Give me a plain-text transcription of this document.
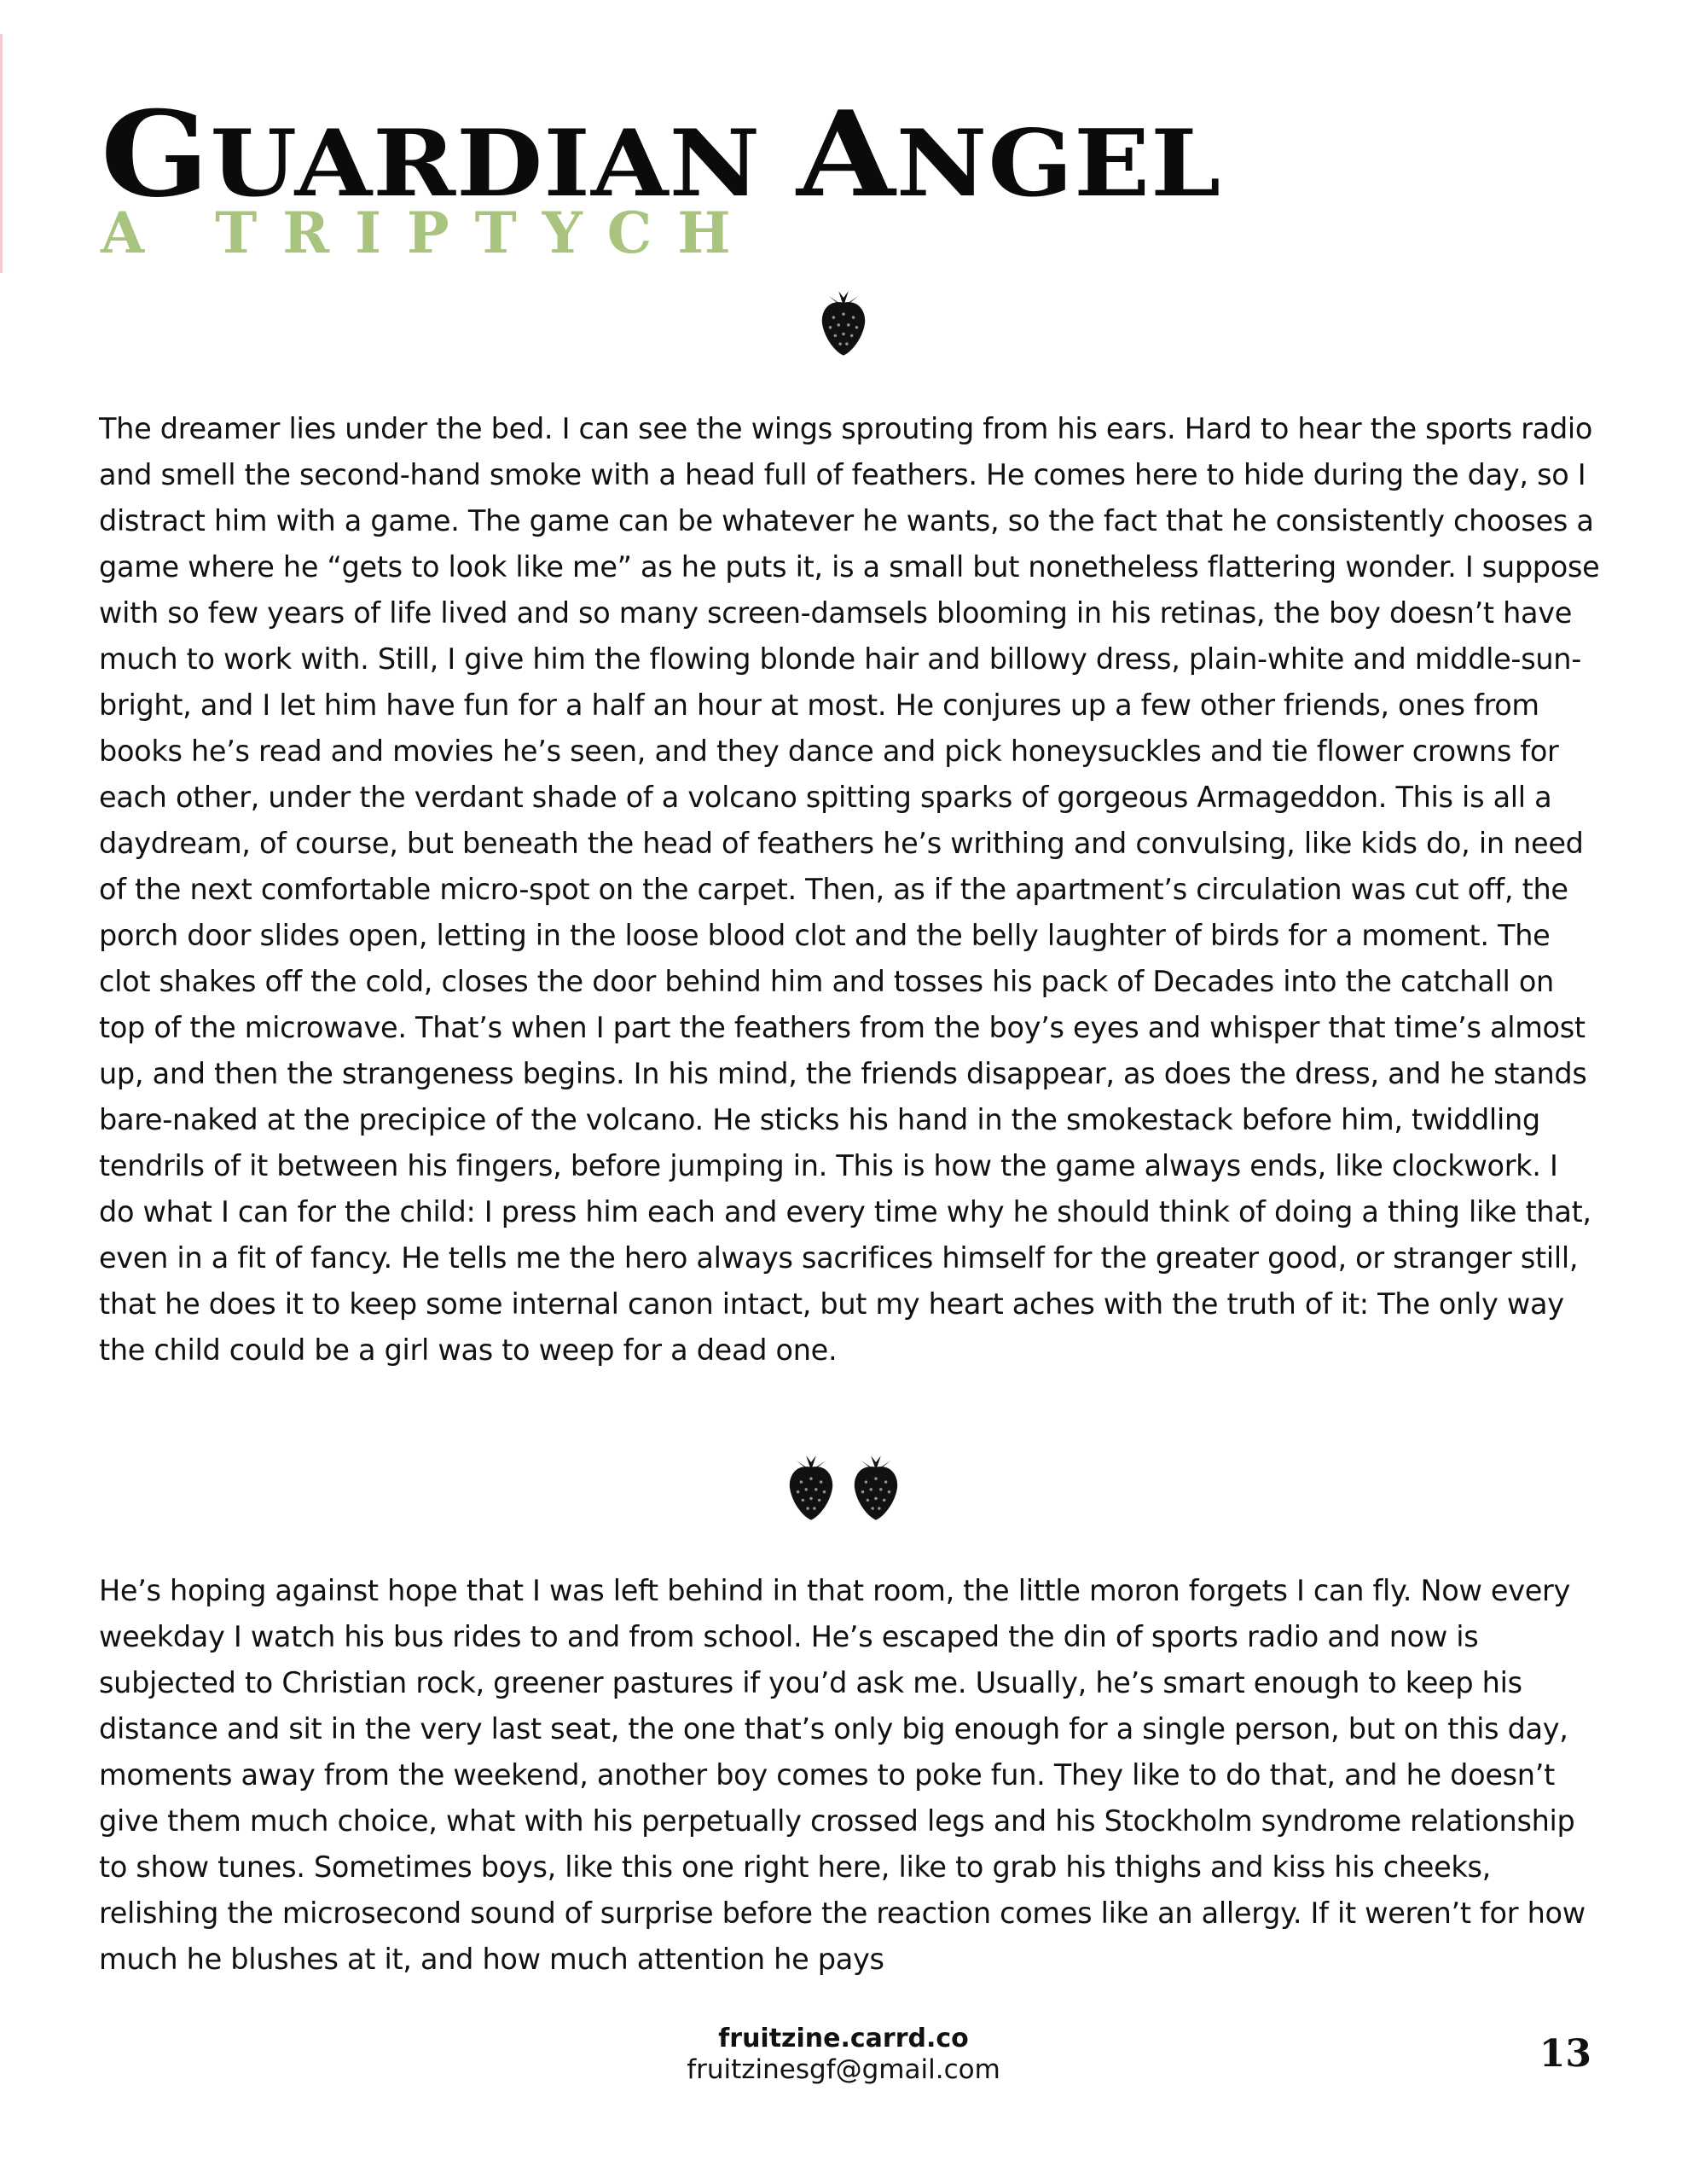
GUARDIAN ANGEL
A TRIPTYCH

The dreamer lies under the bed. I can see the wings sprouting from his ears. Hard to hear the sports radio and smell the second-hand smoke with a head full of feathers. He comes here to hide during the day, so I distract him with a game. The game can be whatever he wants, so the fact that he consistently chooses a game where he “gets to look like me” as he puts it, is a small but nonetheless flattering wonder. I suppose with so few years of life lived and so many screen-damsels blooming in his retinas, the boy doesn’t have much to work with. Still, I give him the flowing blonde hair and billowy dress, plain-white and middle-sun-bright, and I let him have fun for a half an hour at most. He conjures up a few other friends, ones from books he’s read and movies he’s seen, and they dance and pick honeysuckles and tie flower crowns for each other, under the verdant shade of a volcano spitting sparks of gorgeous Armageddon. This is all a daydream, of course, but beneath the head of feathers he’s writhing and convulsing, like kids do, in need of the next comfortable micro-spot on the carpet. Then, as if the apartment’s circulation was cut off, the porch door slides open, letting in the loose blood clot and the belly laughter of birds for a moment. The clot shakes off the cold, closes the door behind him and tosses his pack of Decades into the catchall on top of the microwave. That’s when I part the feathers from the boy’s eyes and whisper that time’s almost up, and then the strangeness begins. In his mind, the friends disappear, as does the dress, and he stands bare-naked at the precipice of the volcano. He sticks his hand in the smokestack before him, twiddling tendrils of it between his fingers, before jumping in. This is how the game always ends, like clockwork. I do what I can for the child: I press him each and every time why he should think of doing a thing like that, even in a fit of fancy. He tells me the hero always sacrifices himself for the greater good, or stranger still, that he does it to keep some internal canon intact, but my heart aches with the truth of it: The only way the child could be a girl was to weep for a dead one.

He’s hoping against hope that I was left behind in that room, the little moron forgets I can fly. Now every weekday I watch his bus rides to and from school. He’s escaped the din of sports radio and now is subjected to Christian rock, greener pastures if you’d ask me. Usually, he’s smart enough to keep his distance and sit in the very last seat, the one that’s only big enough for a single person, but on this day, moments away from the weekend, another boy comes to poke fun. They like to do that, and he doesn’t give them much choice, what with his perpetually crossed legs and his Stockholm syndrome relationship to show tunes. Sometimes boys, like this one right here, like to grab his thighs and kiss his cheeks, relishing the microsecond sound of surprise before the reaction comes like an allergy. If it weren’t for how much he blushes at it, and how much attention he pays

fruitzine.carrd.co
fruitzinesgf@gmail.com	13
